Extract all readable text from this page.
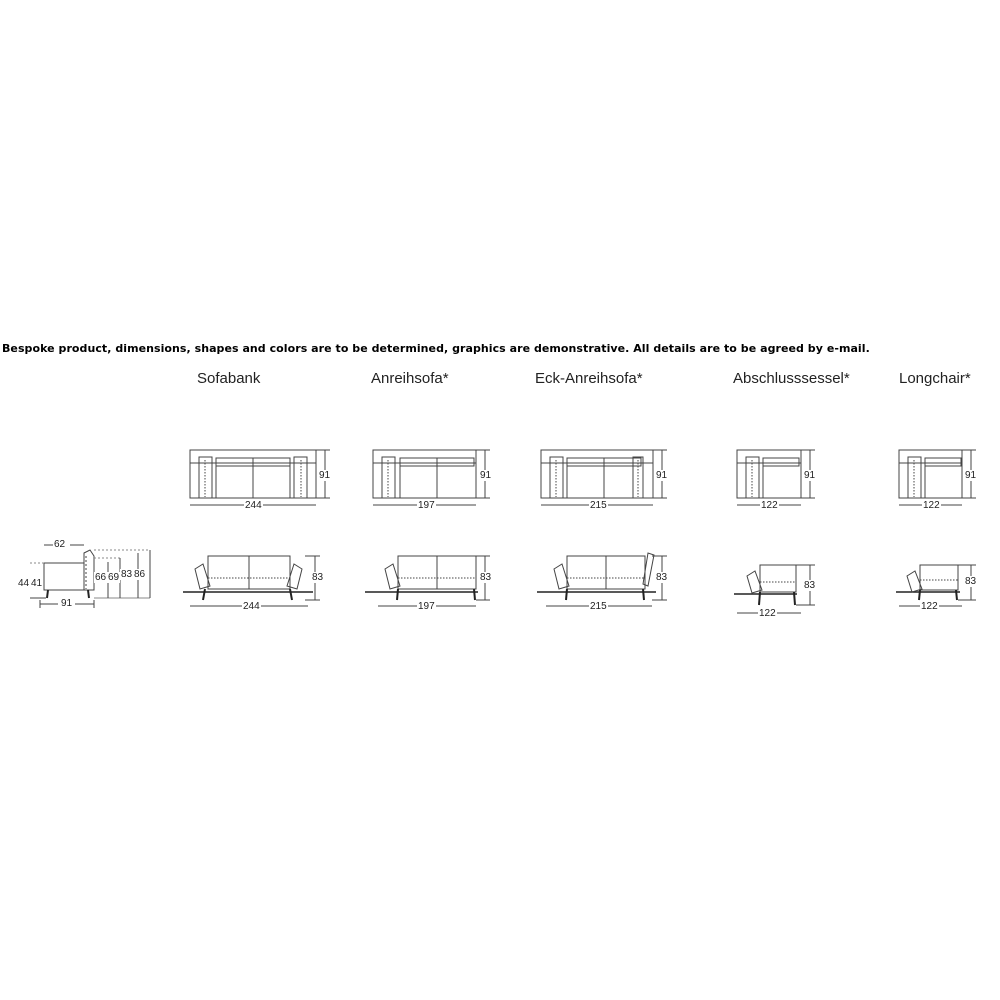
Bespoke product, dimensions, shapes and colors are to be determined, graphics are demonstrative. All details are to be agreed by e-mail.
Sofabank	Anreihsofa*	Eck-Anreihsofa*	Abschlusssessel*	Longchair*
62
91
44 41
66 69 83 86
244
91
197
91
215
91
122
91
122
91
244
83
197
83
215
83
122
83
122
83
